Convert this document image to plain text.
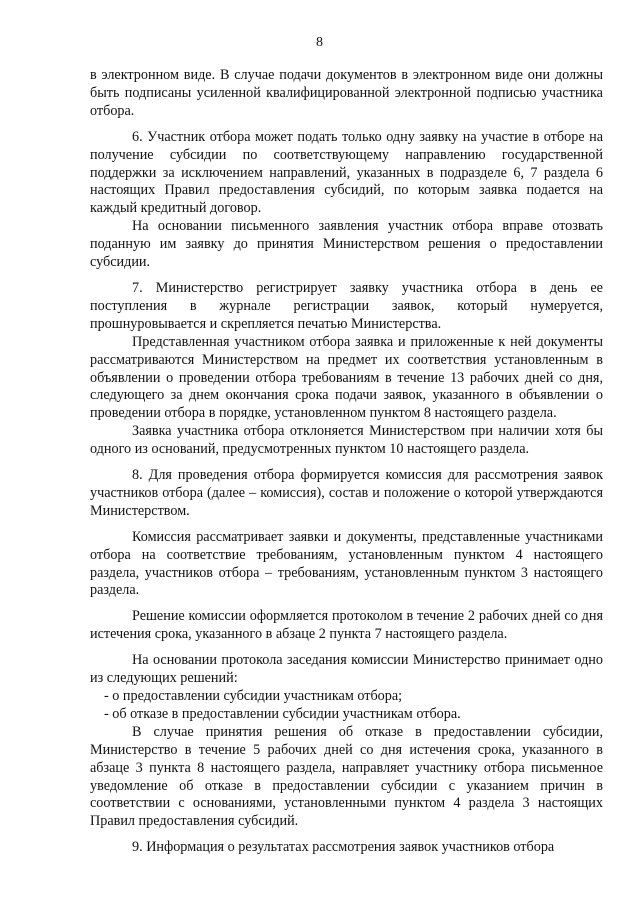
8

в электронном виде. В случае подачи документов в электронном виде они должны быть подписаны усиленной квалифицированной электронной подписью участника отбора.

6. Участник отбора может подать только одну заявку на участие в отборе на получение субсидии по соответствующему направлению государственной поддержки за исключением направлений, указанных в подразделе 6, 7 раздела 6 настоящих Правил предоставления субсидий, по которым заявка подается на каждый кредитный договор.

На основании письменного заявления участник отбора вправе отозвать поданную им заявку до принятия Министерством решения о предоставлении субсидии.

7. Министерство регистрирует заявку участника отбора в день ее поступления в журнале регистрации заявок, который нумеруется, прошнуровывается и скрепляется печатью Министерства.

Представленная участником отбора заявка и приложенные к ней документы рассматриваются Министерством на предмет их соответствия установленным в объявлении о проведении отбора требованиям в течение 13 рабочих дней со дня, следующего за днем окончания срока подачи заявок, указанного в объявлении о проведении отбора в порядке, установленном пунктом 8 настоящего раздела.

Заявка участника отбора отклоняется Министерством при наличии хотя бы одного из оснований, предусмотренных пунктом 10 настоящего раздела.

8. Для проведения отбора формируется комиссия для рассмотрения заявок участников отбора (далее – комиссия), состав и положение о которой утверждаются Министерством.

Комиссия рассматривает заявки и документы, представленные участниками отбора на соответствие требованиям, установленным пунктом 4 настоящего раздела, участников отбора – требованиям, установленным пунктом 3 настоящего раздела.

Решение комиссии оформляется протоколом в течение 2 рабочих дней со дня истечения срока, указанного в абзаце 2 пункта 7 настоящего раздела.

На основании протокола заседания комиссии Министерство принимает одно из следующих решений:

- о предоставлении субсидии участникам отбора;

- об отказе в предоставлении субсидии участникам отбора.

В случае принятия решения об отказе в предоставлении субсидии, Министерство в течение 5 рабочих дней со дня истечения срока, указанного в абзаце 3 пункта 8 настоящего раздела, направляет участнику отбора письменное уведомление об отказе в предоставлении субсидии с указанием причин в соответствии с основаниями, установленными пунктом 4 раздела 3 настоящих Правил предоставления субсидий.

9. Информация о результатах рассмотрения заявок участников отбора
